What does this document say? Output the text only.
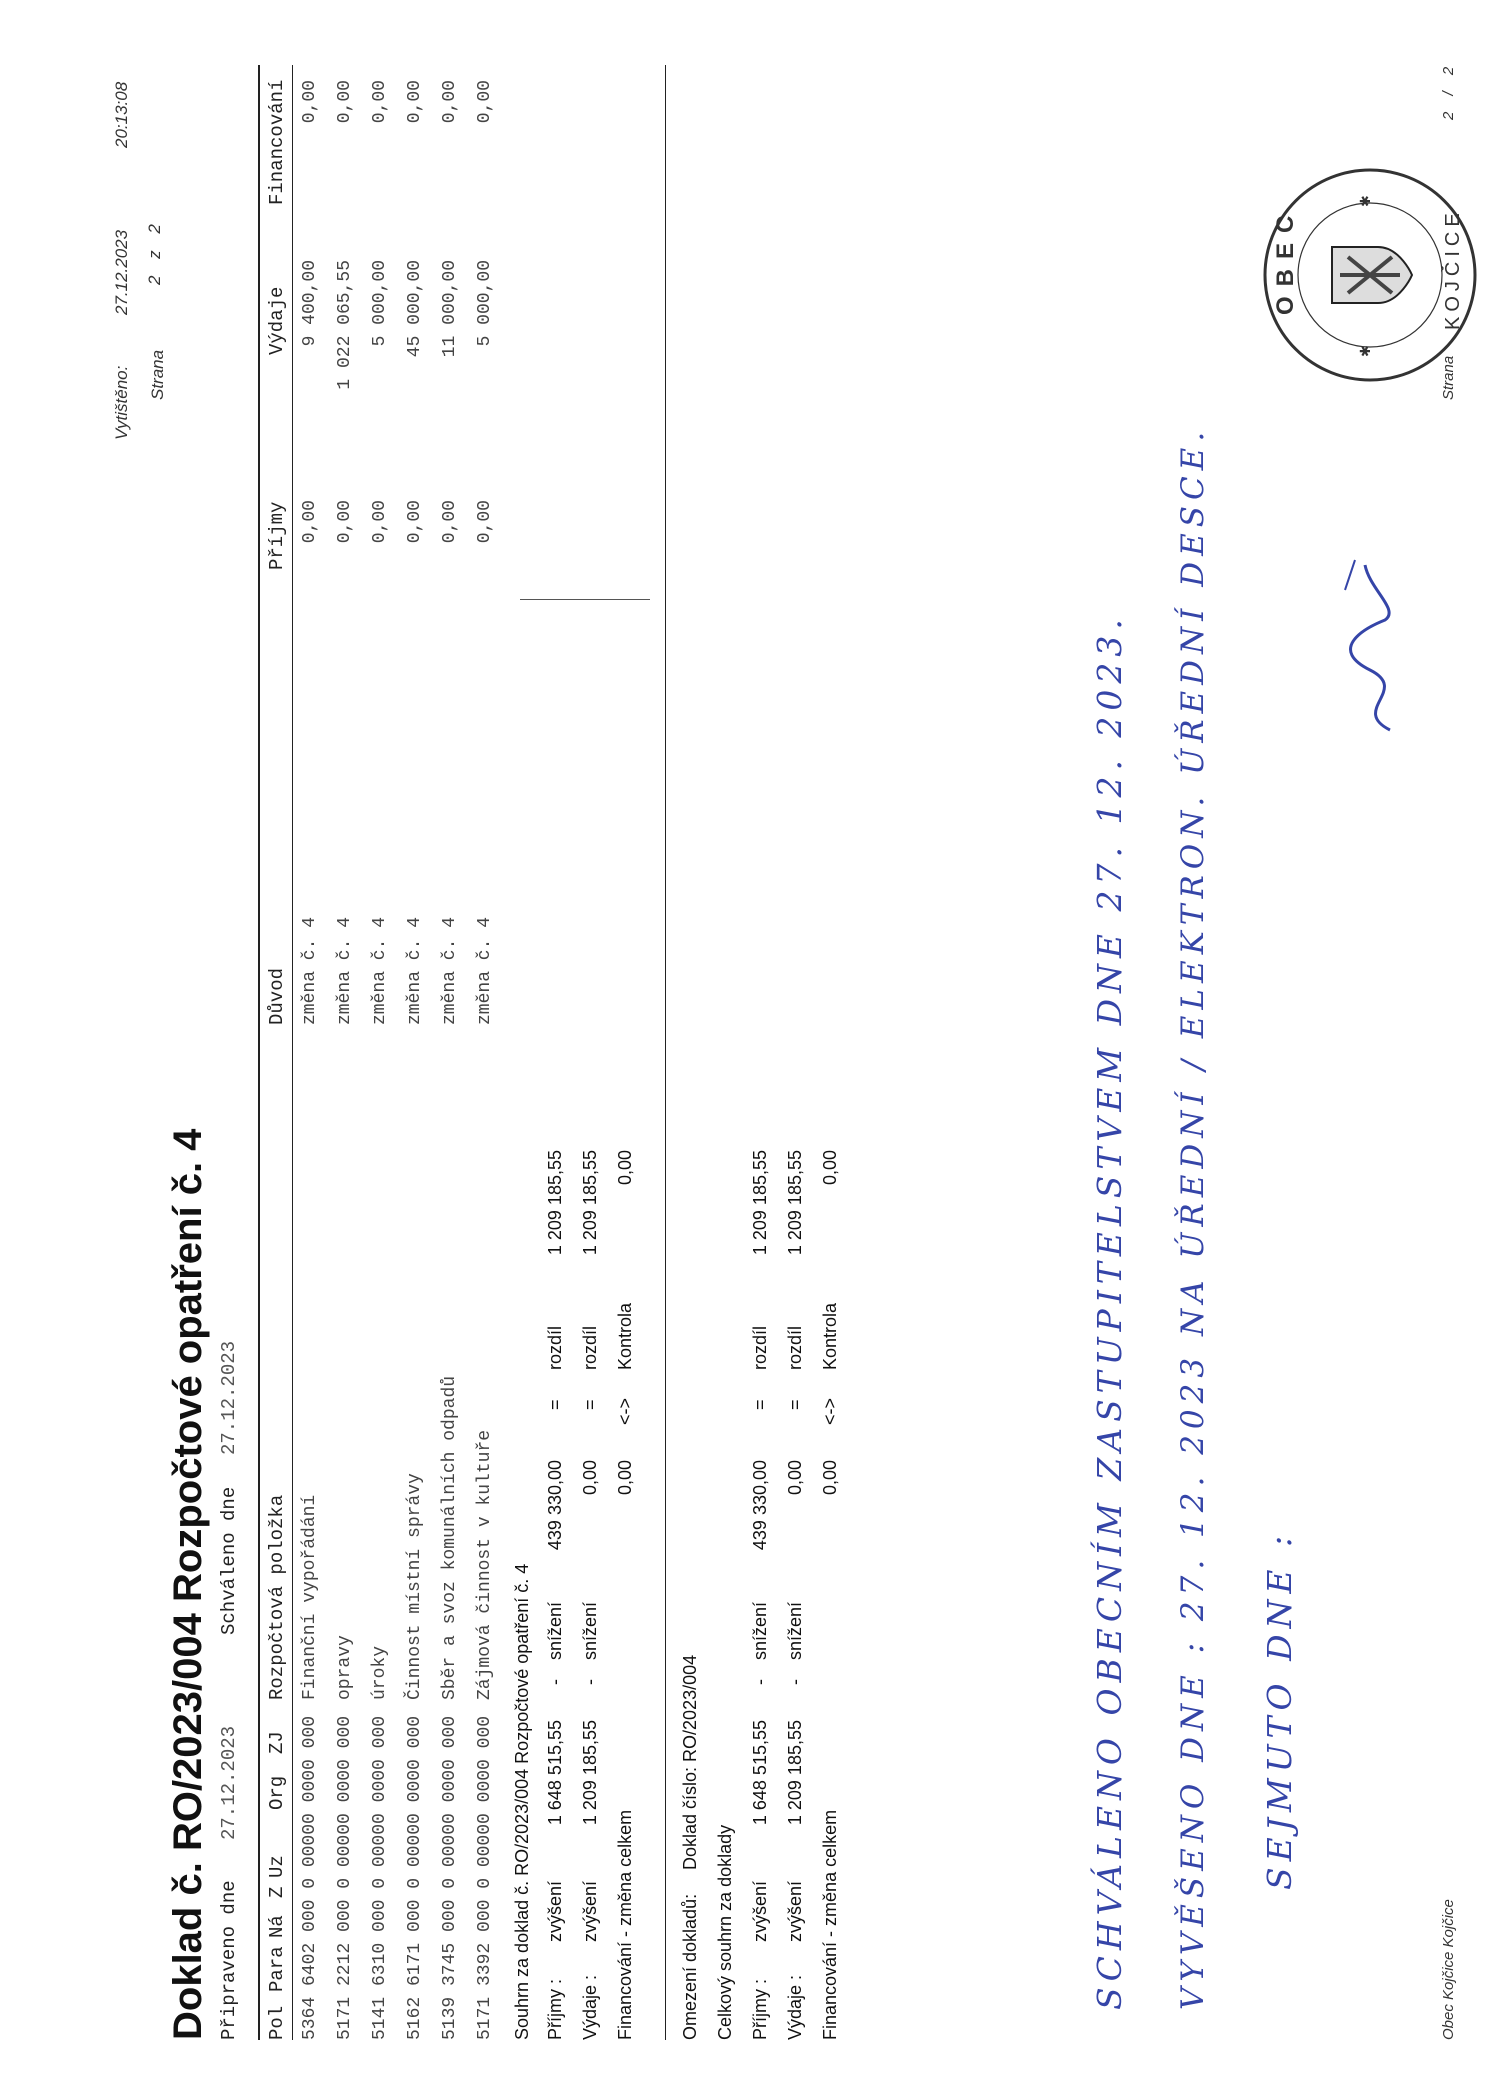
Vytištěno:
27.12.2023
20:13:08
Strana
2 z 2
Doklad č. RO/2023/004 Rozpočtové opatření č. 4 Připraveno dne
27.12.2023
Schváleno dne
27.12.2023
Pol
Para
Ná
Z
Uz
Org
ZJ
Rozpočtová položka
Důvod
Příjmy
Výdaje
Financování
5364 6402 000 0 00000 0000 000
Finanční vypořádání
změna č. 4
0,00
9 400,00
0,00
5171 2212 000 0 00000 0000 000
opravy
změna č. 4
0,00
1 022 065,55
0,00
5141 6310 000 0 00000 0000 000
úroky
změna č. 4
0,00
5 000,00
0,00
5162 6171 000 0 00000 0000 000
Činnost místní správy
změna č. 4
0,00
45 000,00
0,00
5139 3745 000 0 00000 0000 000
Sběr a svoz komunálních odpadů
změna č. 4
0,00
11 000,00
0,00
5171 3392 000 0 00000 0000 000
Zájmová činnost v kultuře
změna č. 4
0,00
5 000,00
0,00
Souhrn za doklad č. RO/2023/004 Rozpočtové opatření č. 4 Příjmy :
zvýšení
1 648 515,55
-
snížení
439 330,00
=
rozdíl
1 209 185,55
Výdaje :
zvýšení
1 209 185,55
-
snížení
0,00
=
rozdíl
1 209 185,55
Financování - změna celkem
0,00
<->
Kontrola
0,00
Omezení dokladů:
Doklad číslo: RO/2023/004
Celkový souhrn za doklady Příjmy :
zvýšení
1 648 515,55
-
snížení
439 330,00
=
rozdíl
1 209 185,55
Výdaje :
zvýšení
1 209 185,55
-
snížení
0,00
=
rozdíl
1 209 185,55
Financování - změna celkem
0,00
<->
Kontrola
0,00	SCHVÁLENO OBECNÍM ZASTUPITELSTVEM DNE 27. 12. 2023. VYVĚŠENO DNE : 27. 12. 2023 NA ÚŘEDNÍ / ELEKTRON. ÚŘEDNÍ DESCE. SEJMUTO DNE :
✱
✱
OBEC	KOJČICE
Obec Kojčice Kojčice
Strana
2 / 2
